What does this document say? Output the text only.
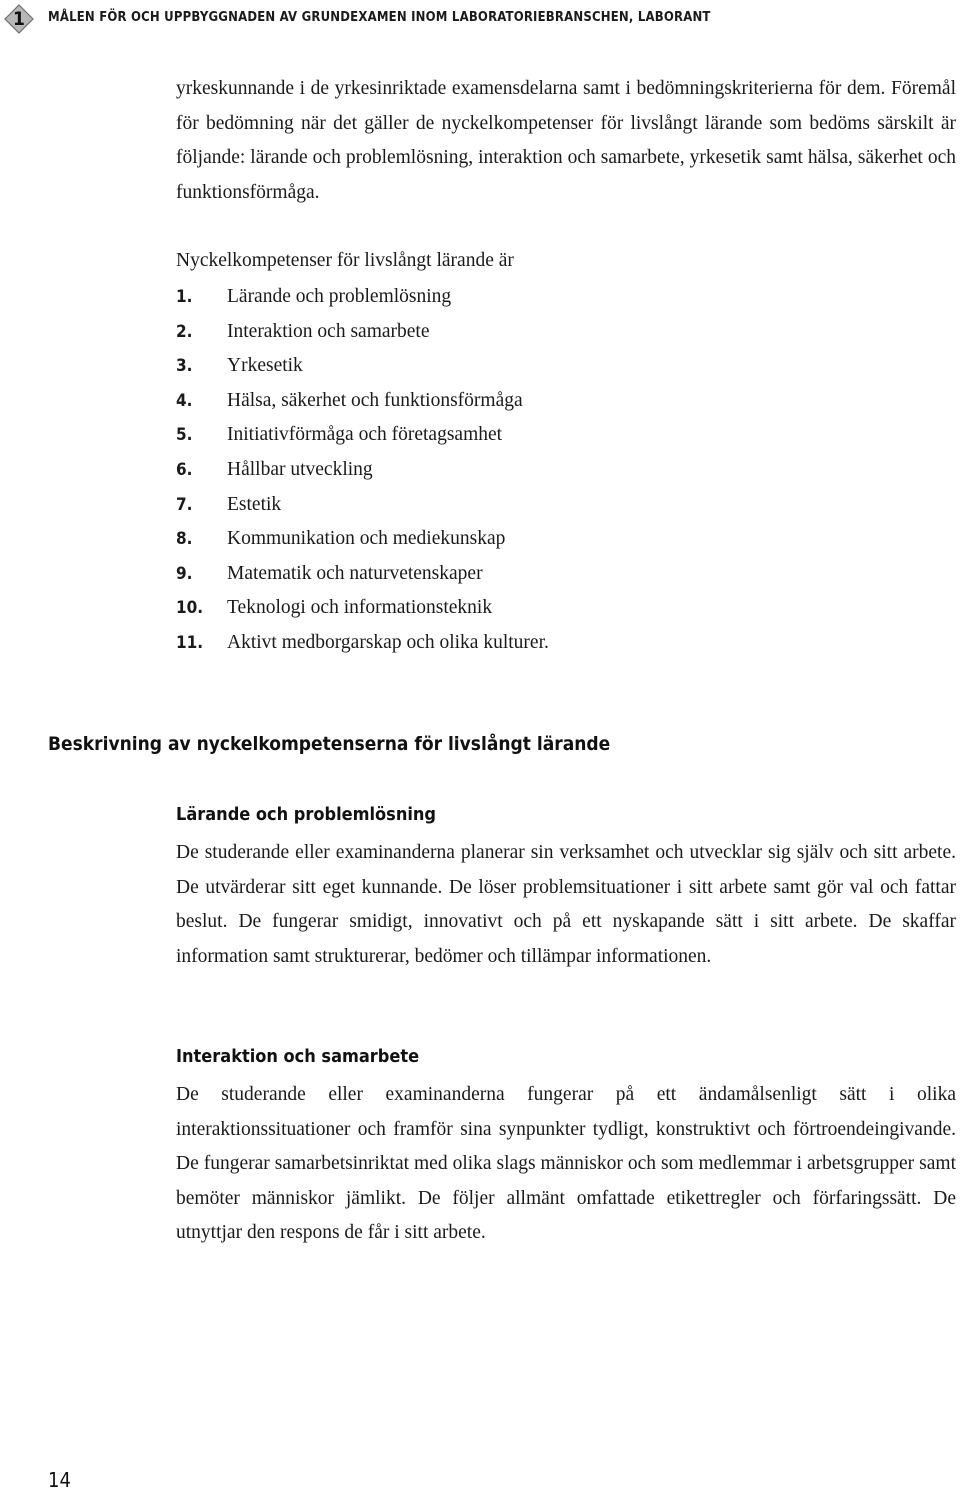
1	MÅLEN FÖR OCH UPPBYGGNADEN AV GRUNDEXAMEN INOM LABORATORIEBRANSCHEN, LABORANT

yrkeskunnande i de yrkesinriktade examensdelarna samt i bedömningskriterierna för dem. Föremål för bedömning när det gäller de nyckelkompetenser för livslångt lärande som bedöms särskilt är följande: lärande och problemlösning, interaktion och samarbete, yrkesetik samt hälsa, säkerhet och funktionsförmåga.

Nyckelkompetenser för livslångt lärande är
1. Lärande och problemlösning
2. Interaktion och samarbete
3. Yrkesetik
4. Hälsa, säkerhet och funktionsförmåga
5. Initiativförmåga och företagsamhet
6. Hållbar utveckling
7. Estetik
8. Kommunikation och mediekunskap
9. Matematik och naturvetenskaper
10. Teknologi och informationsteknik
11. Aktivt medborgarskap och olika kulturer.
Beskrivning av nyckelkompetenserna för livslångt lärande
Lärande och problemlösning

De studerande eller examinanderna planerar sin verksamhet och utvecklar sig själv och sitt arbete. De utvärderar sitt eget kunnande. De löser problemsituationer i sitt arbete samt gör val och fattar beslut. De fungerar smidigt, innovativt och på ett nyskapande sätt i sitt arbete. De skaffar information samt strukturerar, bedömer och tillämpar informationen.

Interaktion och samarbete

De studerande eller examinanderna fungerar på ett ändamålsenligt sätt i olika interaktionssituationer och framför sina synpunkter tydligt, konstruktivt och förtroendeingivande. De fungerar samarbetsinriktat med olika slags människor och som medlemmar i arbetsgrupper samt bemöter människor jämlikt. De följer allmänt omfattade etikettregler och förfaringssätt. De utnyttjar den respons de får i sitt arbete.

14
